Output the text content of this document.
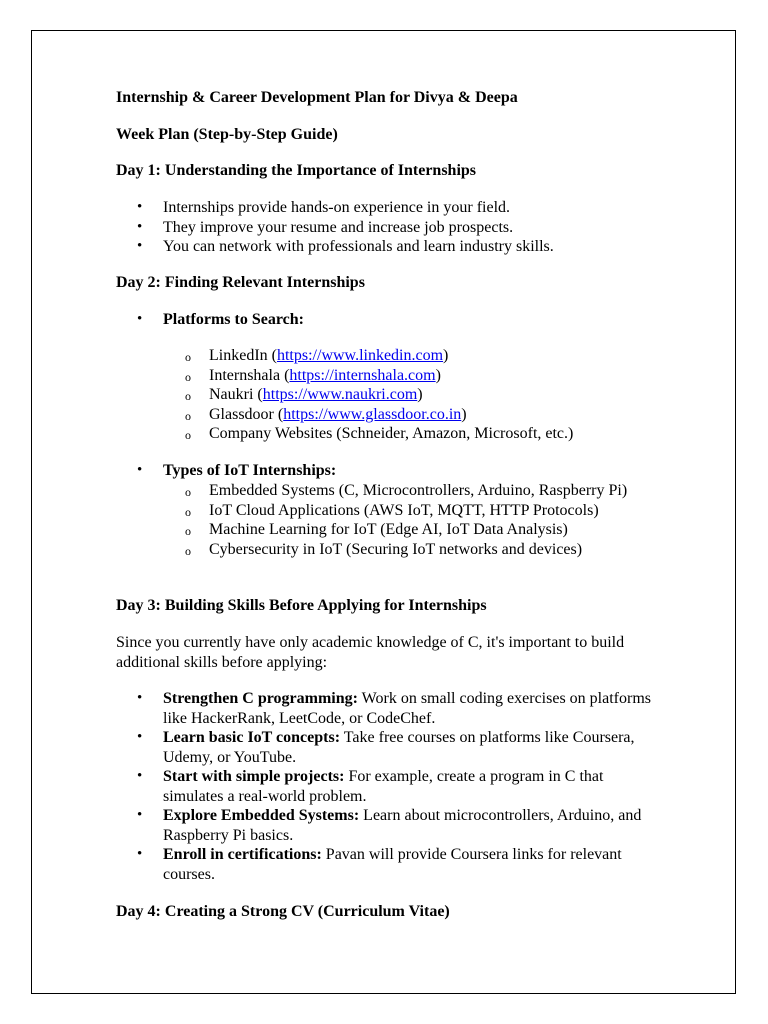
Internship & Career Development Plan for Divya & Deepa
Week Plan (Step-by-Step Guide)
Day 1: Understanding the Importance of Internships
• Internships provide hands-on experience in your field.
• They improve your resume and increase job prospects.
• You can network with professionals and learn industry skills.
Day 2: Finding Relevant Internships
• Platforms to Search:
o LinkedIn (https://www.linkedin.com)
o Internshala (https://internshala.com)
o Naukri (https://www.naukri.com)
o Glassdoor (https://www.glassdoor.co.in)
o Company Websites (Schneider, Amazon, Microsoft, etc.)
• Types of IoT Internships:
o Embedded Systems (C, Microcontrollers, Arduino, Raspberry Pi)
o IoT Cloud Applications (AWS IoT, MQTT, HTTP Protocols)
o Machine Learning for IoT (Edge AI, IoT Data Analysis)
o Cybersecurity in IoT (Securing IoT networks and devices)
Day 3: Building Skills Before Applying for Internships
Since you currently have only academic knowledge of C, it's important to build additional skills before applying:
• Strengthen C programming: Work on small coding exercises on platforms like HackerRank, LeetCode, or CodeChef.
• Learn basic IoT concepts: Take free courses on platforms like Coursera, Udemy, or YouTube.
• Start with simple projects: For example, create a program in C that simulates a real-world problem.
• Explore Embedded Systems: Learn about microcontrollers, Arduino, and Raspberry Pi basics.
• Enroll in certifications: Pavan will provide Coursera links for relevant courses.
Day 4: Creating a Strong CV (Curriculum Vitae)
